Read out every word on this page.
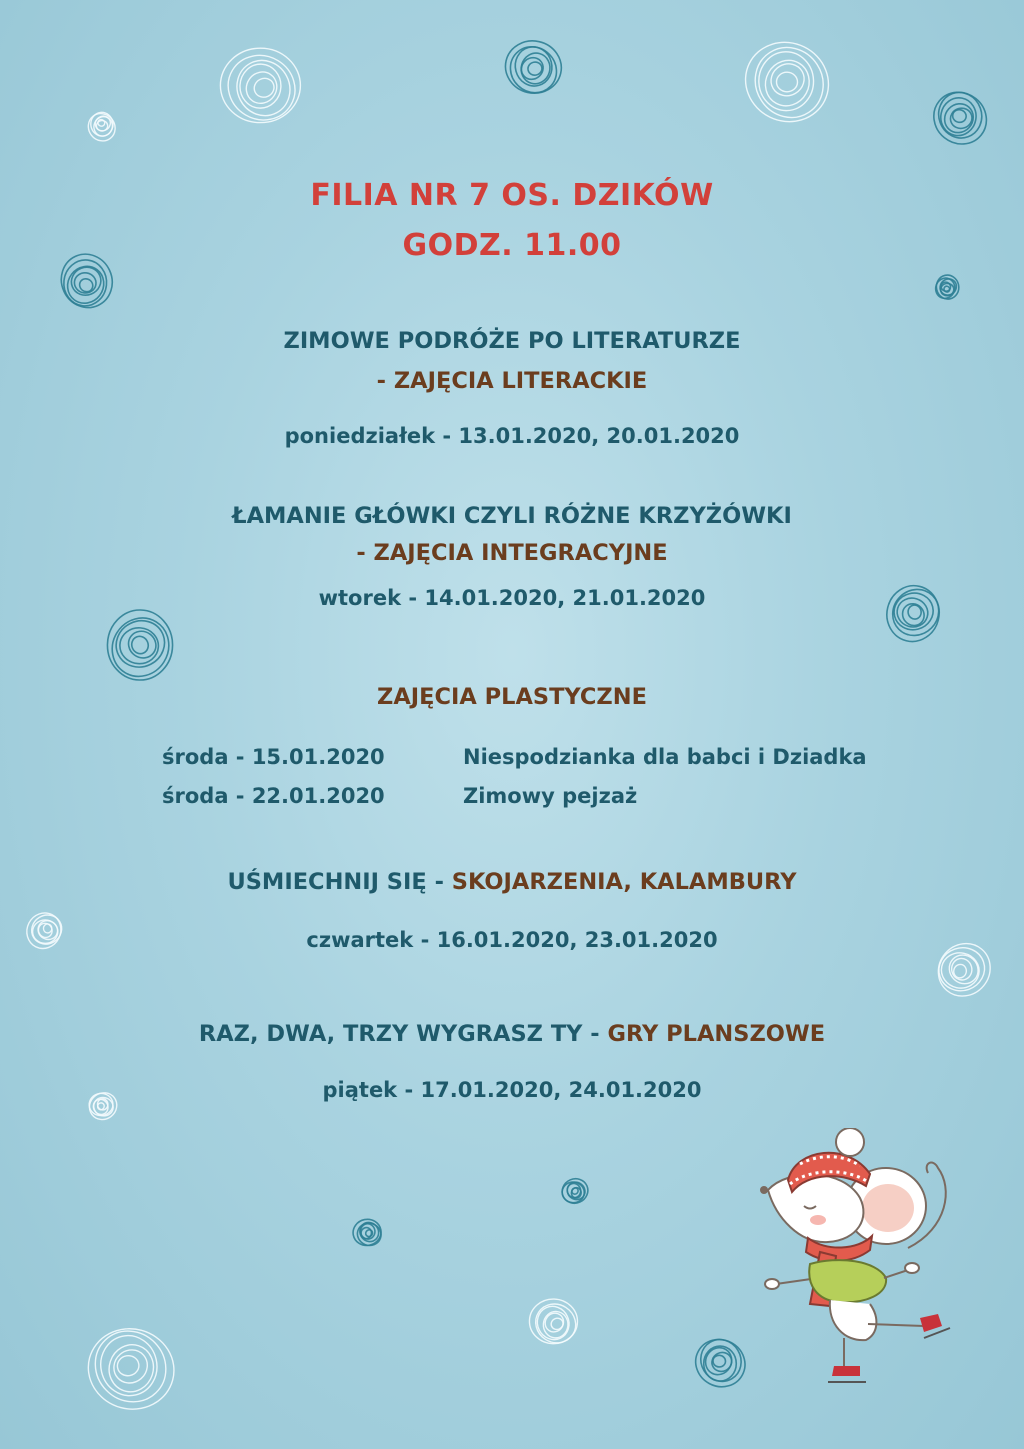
FILIA NR 7 OS. DZIKÓW
GODZ. 11.00
ZIMOWE PODRÓŻE PO LITERATURZE
- ZAJĘCIA LITERACKIE
poniedziałek - 13.01.2020, 20.01.2020
ŁAMANIE GŁÓWKI CZYLI RÓŻNE KRZYŻÓWKI
- ZAJĘCIA INTEGRACYJNE
wtorek - 14.01.2020, 21.01.2020
ZAJĘCIA PLASTYCZNE
środa - 15.01.2020	Niespodzianka dla babci i Dziadka
środa - 22.01.2020	Zimowy pejzaż
UŚMIECHNIJ SIĘ - SKOJARZENIA, KALAMBURY
czwartek - 16.01.2020, 23.01.2020
RAZ, DWA, TRZY WYGRASZ TY - GRY PLANSZOWE
piątek - 17.01.2020, 24.01.2020
